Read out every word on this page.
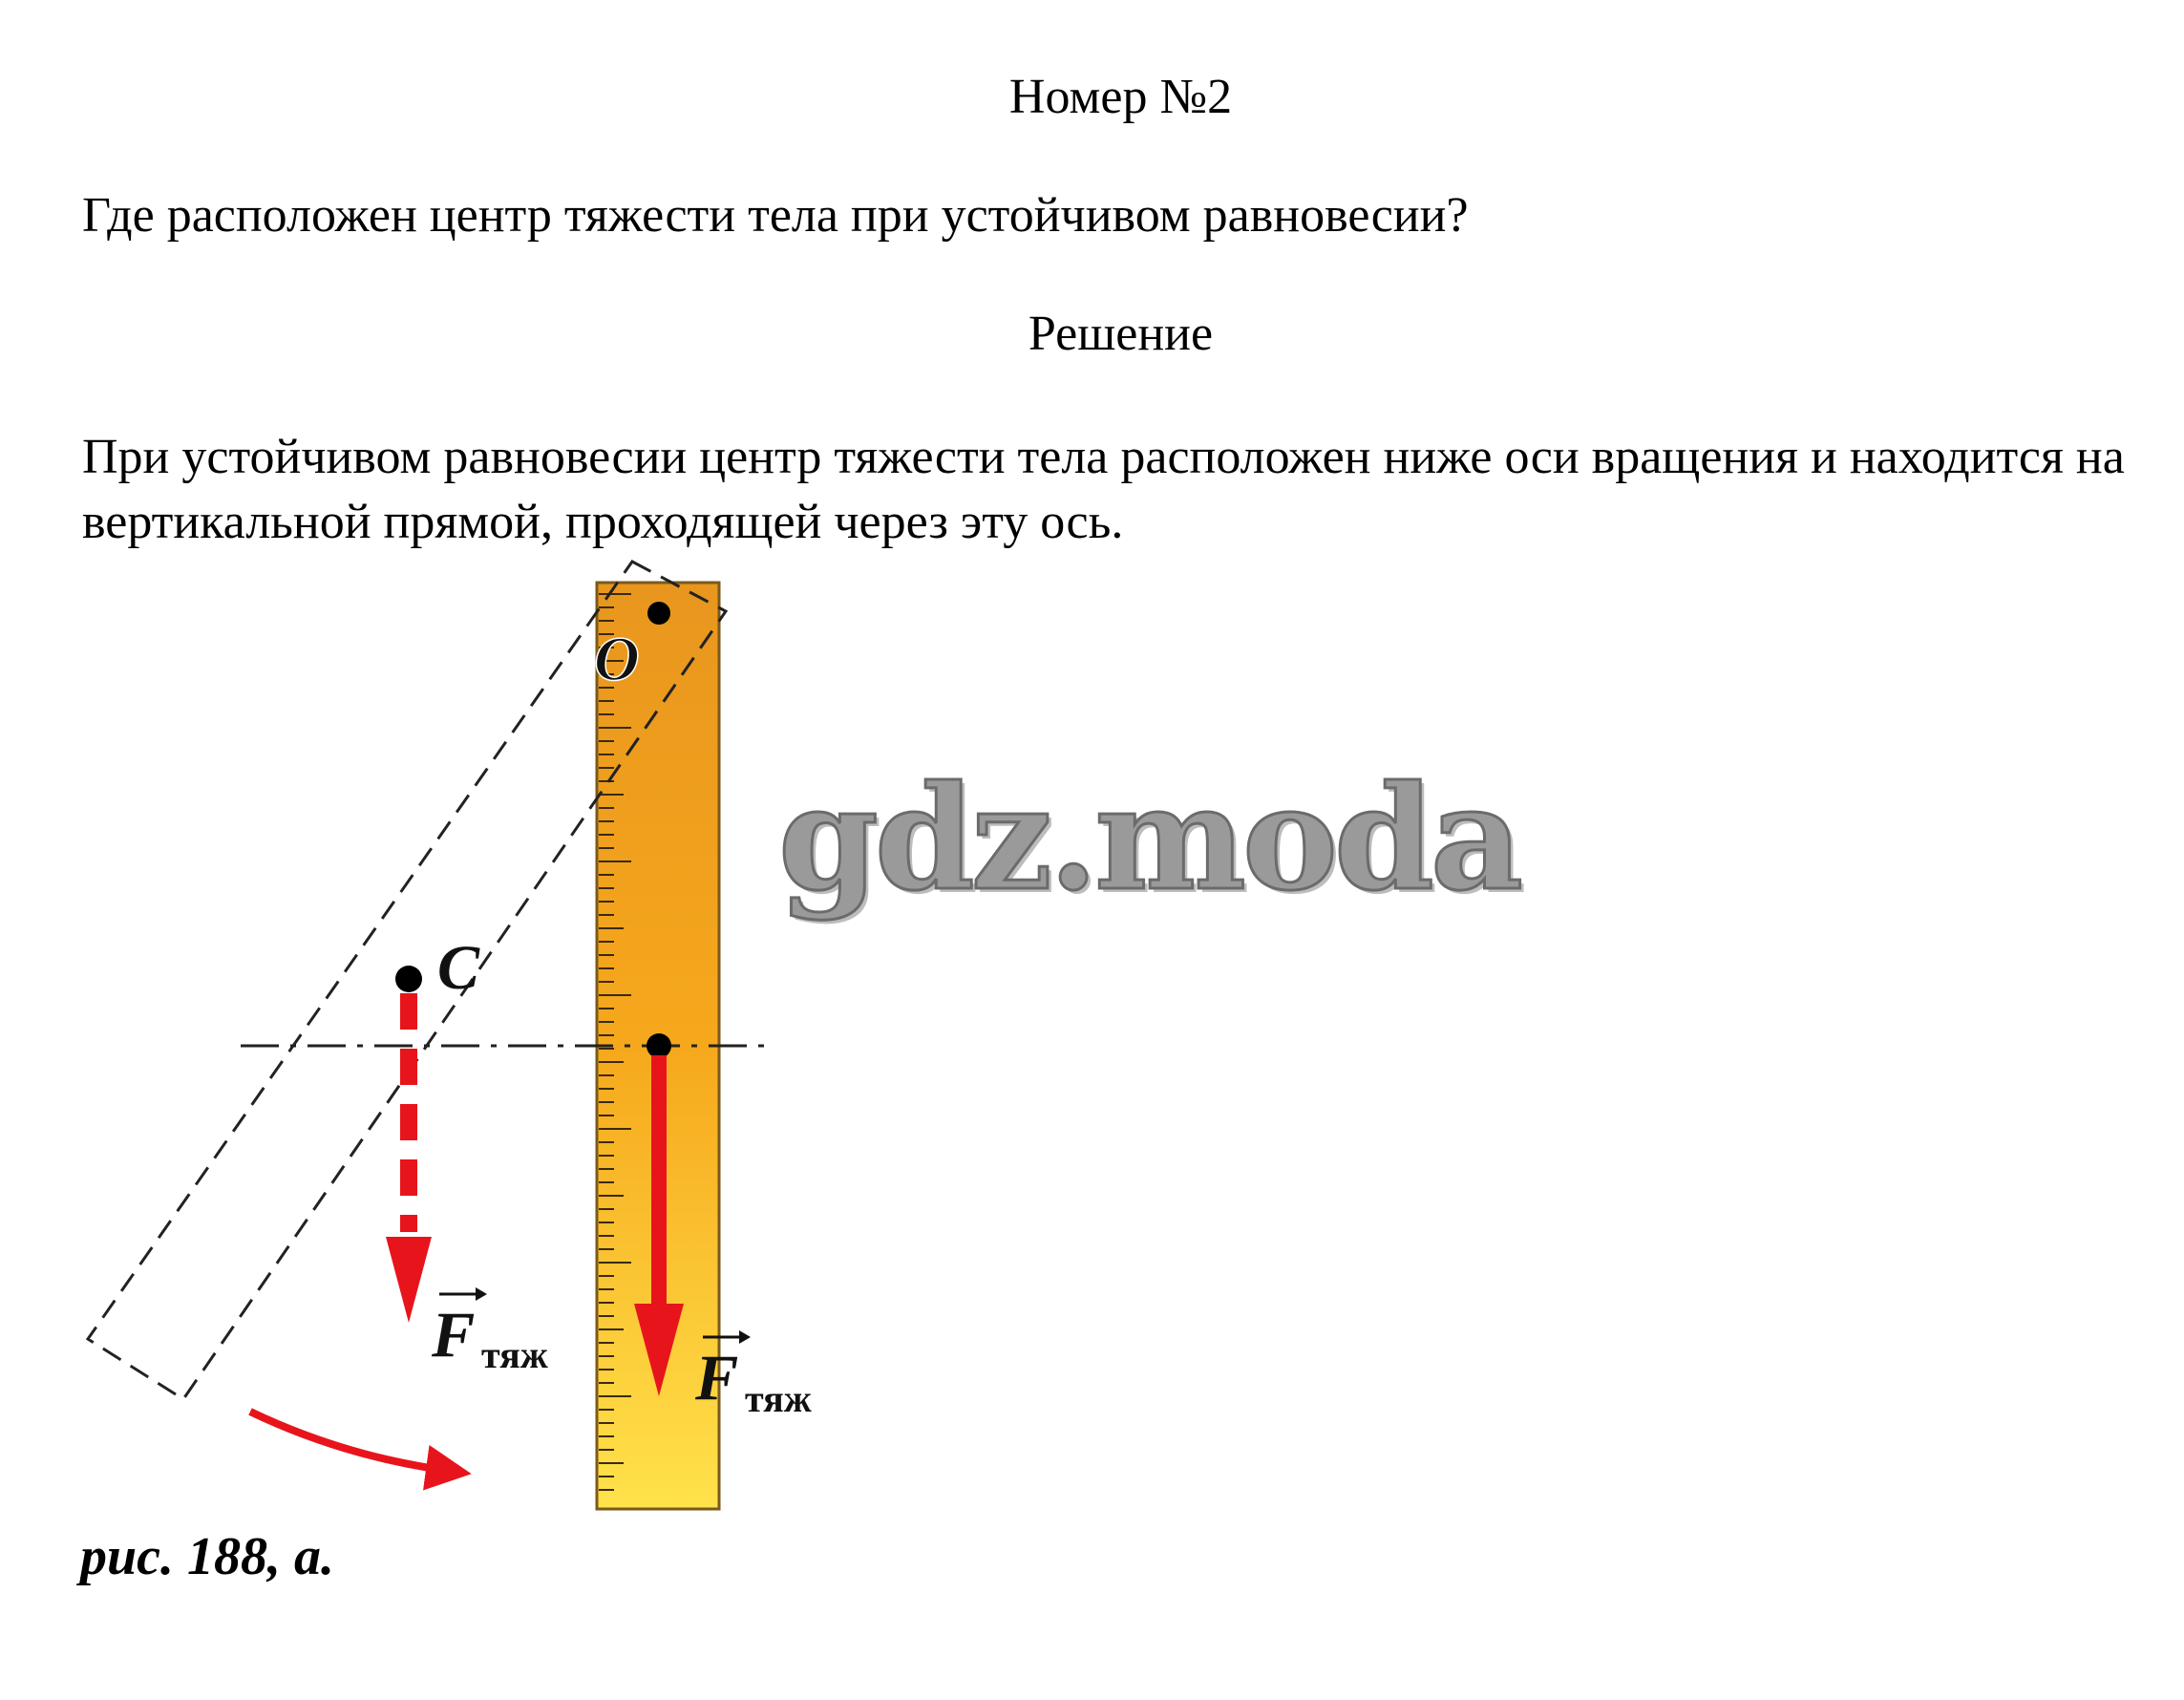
Номер №2

Где расположен центр тяжести тела при устойчивом равновесии?

Решение

При устойчивом равновесии центр тяжести тела расположен ниже оси вращения и находится на вертикальной прямой, проходящей через эту ось.

O
C
F тяж F тяж

gdz.moda

рис. 188, а.
